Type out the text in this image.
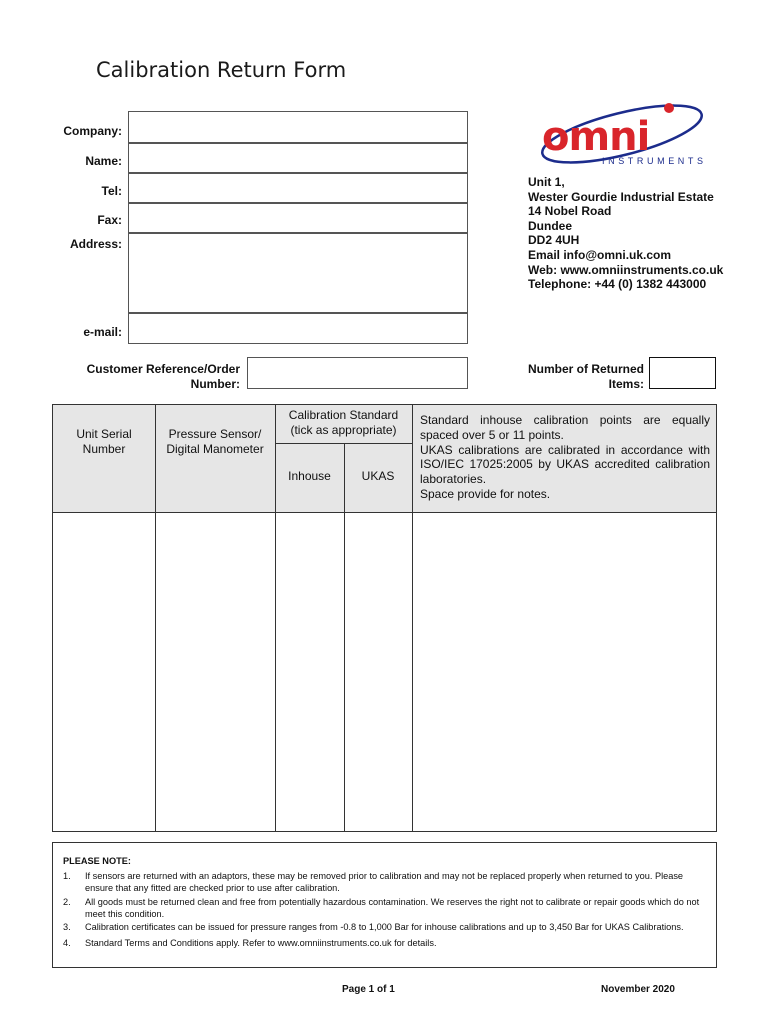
Calibration Return Form
Company:
Name:
Tel:
Fax:
Address:
e-mail:
omni
INSTRUMENTS
Unit 1,
Wester Gourdie Industrial Estate
14 Nobel Road
Dundee
DD2 4UH
Email info@omni.uk.com
Web: www.omniinstruments.co.uk
Telephone: +44 (0) 1382 443000
Customer Reference/Order
Number:
Number of Returned
Items:
Unit Serial
Number
Pressure Sensor/
Digital Manometer
Calibration Standard
(tick as appropriate)
Inhouse	UKAS
Standard inhouse calibration points are equally spaced over 5 or 11 points.
UKAS calibrations are calibrated in accordance with ISO/IEC 17025:2005 by UKAS accredited calibration laboratories.
Space provide for notes.
PLEASE NOTE:
1. If sensors are returned with an adaptors, these may be removed prior to calibration and may not be replaced properly when returned to you. Please ensure that any fitted are checked prior to use after calibration.
2. All goods must be returned clean and free from potentially hazardous contamination. We reserves the right not to calibrate or repair goods which do not meet this condition.
3. Calibration certificates can be issued for pressure ranges from -0.8 to 1,000 Bar for inhouse calibrations and up to 3,450 Bar for UKAS Calibrations.
4. Standard Terms and Conditions apply. Refer to www.omniinstruments.co.uk for details.
Page 1 of 1	November 2020
